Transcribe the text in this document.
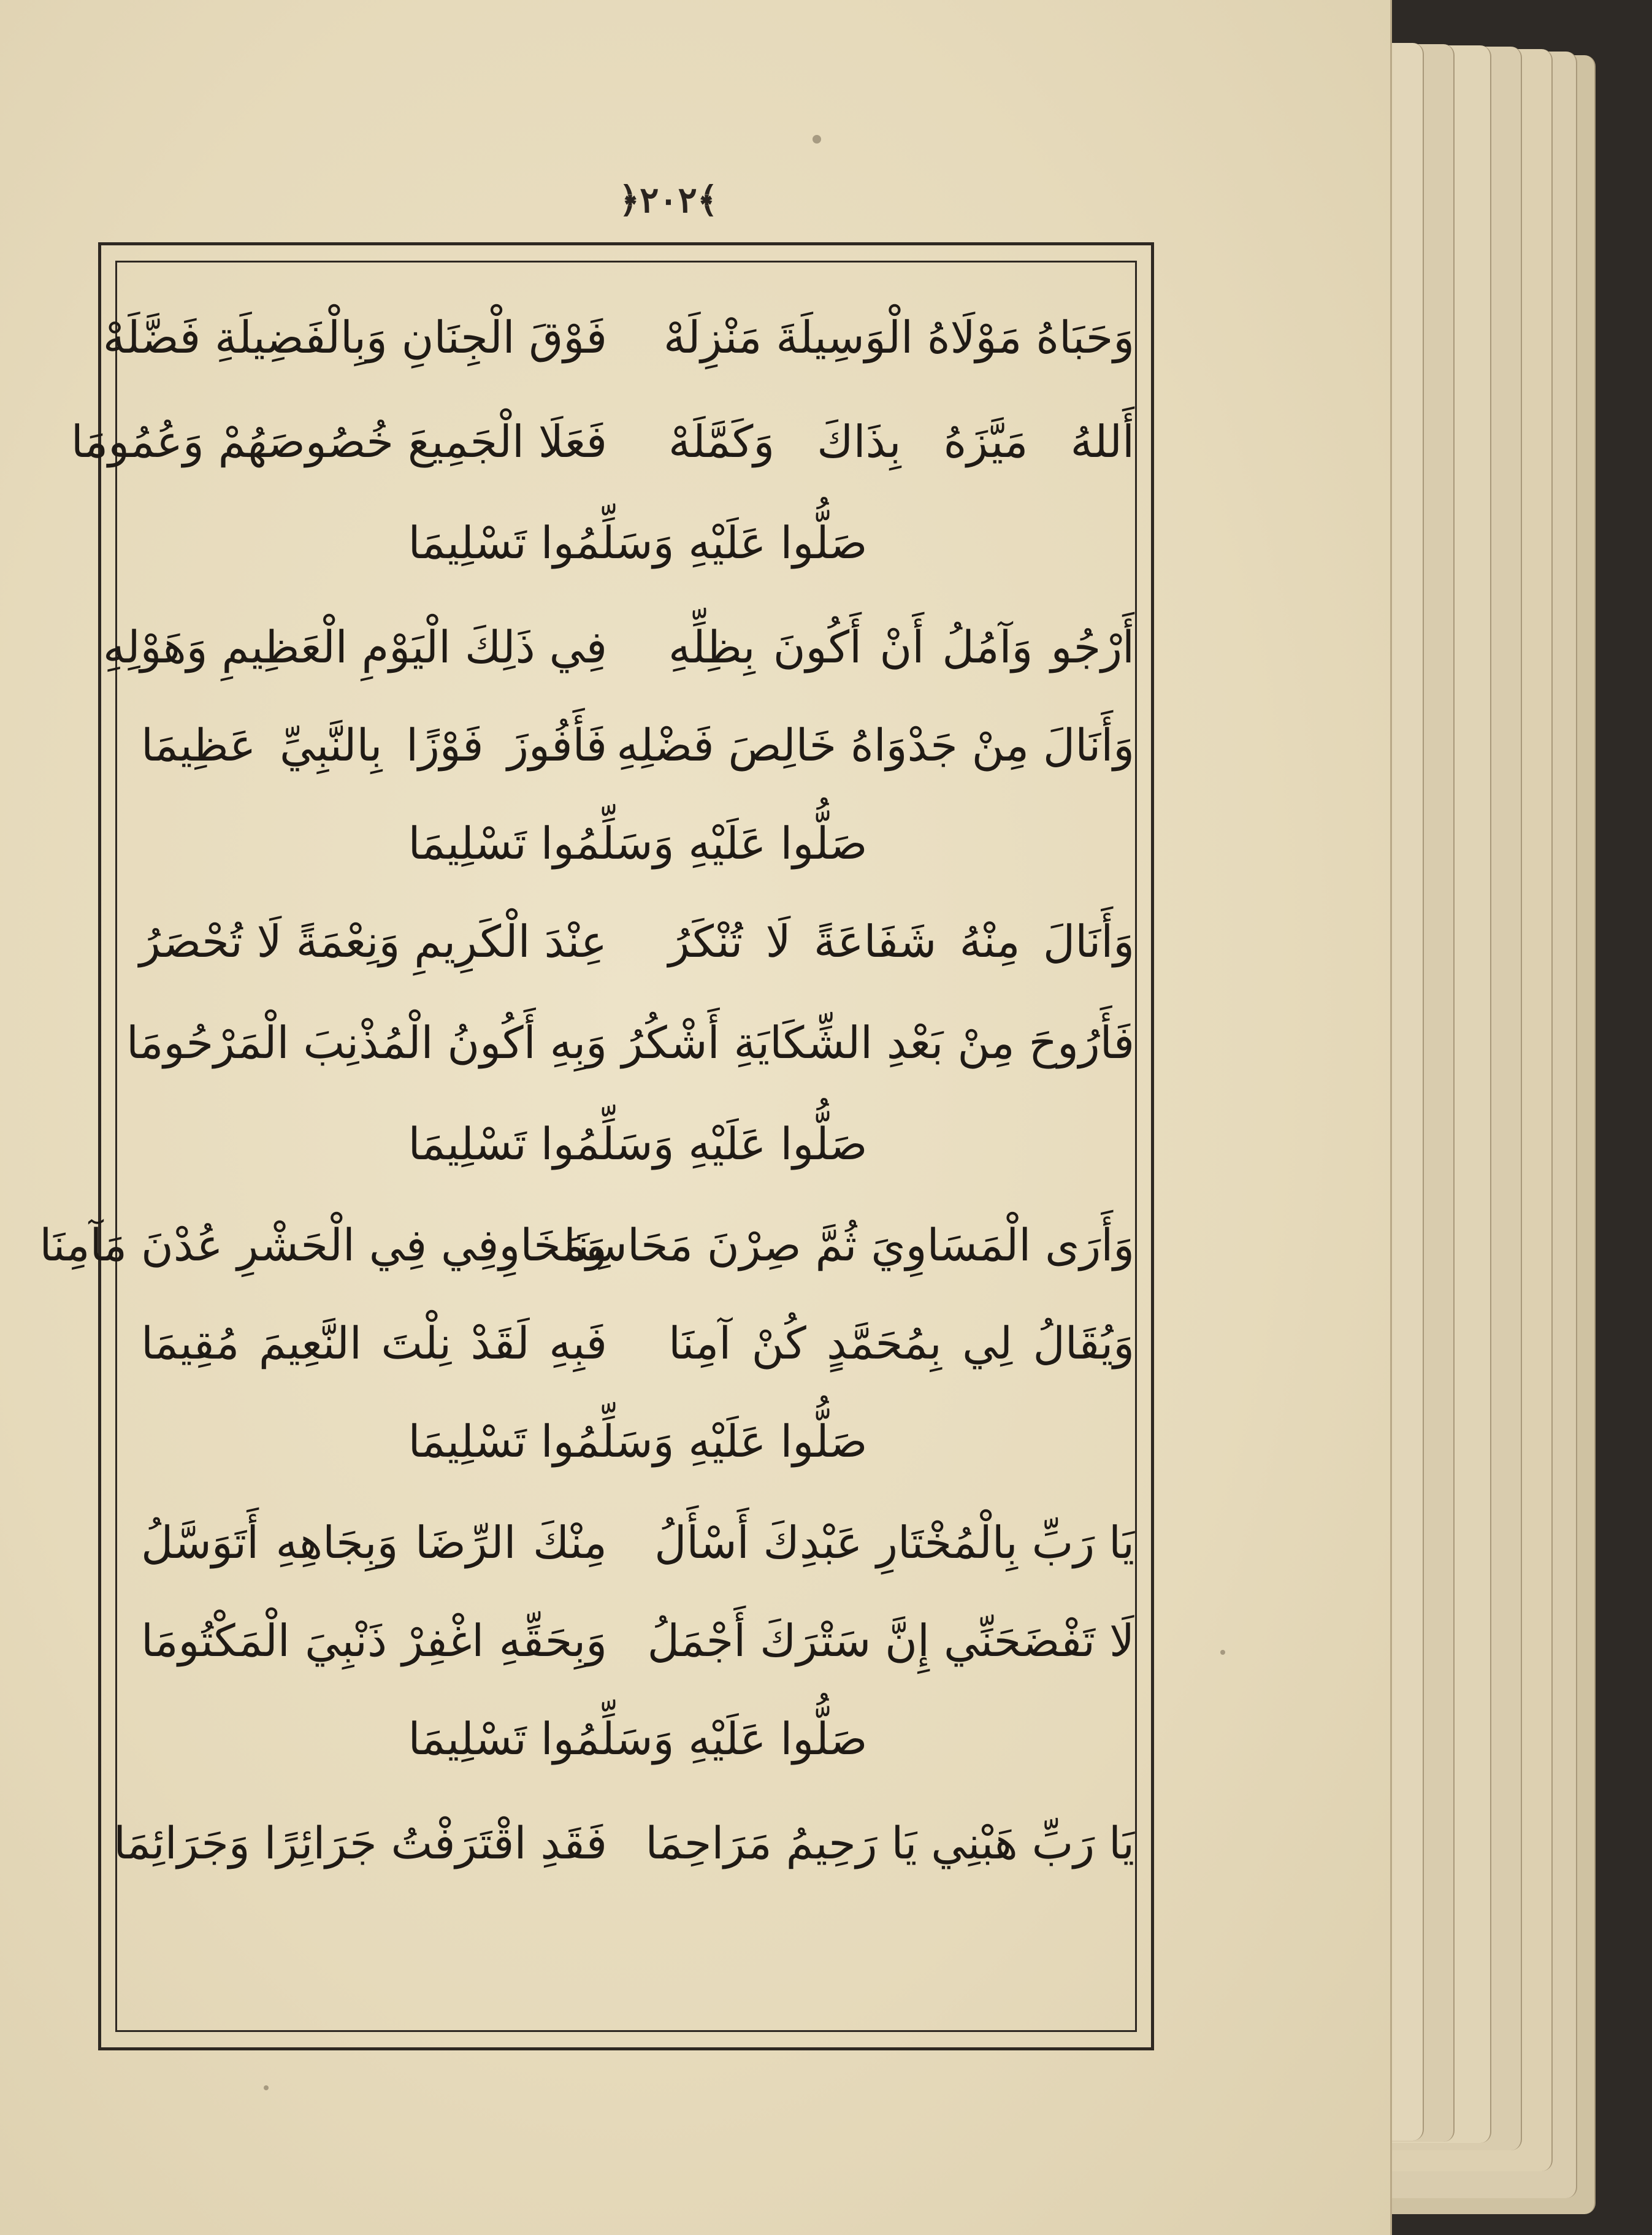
﴿٢٠٢﴾
وَحَبَاهُ مَوْلَاهُ الْوَسِيلَةَ مَنْزِلَهْ
فَوْقَ الْجِنَانِ وَبِالْفَضِيلَةِ فَضَّلَهْ
أَللهُ مَيَّزَهُ بِذَاكَ وَكَمَّلَهْ
فَعَلَا الْجَمِيعَ خُصُوصَهُمْ وَعُمُومَا
صَلُّوا عَلَيْهِ وَسَلِّمُوا تَسْلِيمَا
أَرْجُو وَآمُلُ أَنْ أَكُونَ بِظِلِّهِ
فِي ذَلِكَ الْيَوْمِ الْعَظِيمِ وَهَوْلِهِ
وَأَنَالَ مِنْ جَدْوَاهُ خَالِصَ فَضْلِهِ
فَأَفُوزَ فَوْزًا بِالنَّبِيِّ عَظِيمَا
صَلُّوا عَلَيْهِ وَسَلِّمُوا تَسْلِيمَا
وَأَنَالَ مِنْهُ شَفَاعَةً لَا تُنْكَرُ
عِنْدَ الْكَرِيمِ وَنِعْمَةً لَا تُحْصَرُ
فَأَرُوحَ مِنْ بَعْدِ الشِّكَايَةِ أَشْكُرُ
وَبِهِ أَكُونُ الْمُذْنِبَ الْمَرْحُومَا
صَلُّوا عَلَيْهِ وَسَلِّمُوا تَسْلِيمَا
وَأَرَى الْمَسَاوِيَ ثُمَّ صِرْنَ مَحَاسِنَا
وَمَخَاوِفِي فِي الْحَشْرِ عُدْنَ مَآمِنَا
وَيُقَالُ لِي بِمُحَمَّدٍ كُنْ آمِنَا
فَبِهِ لَقَدْ نِلْتَ النَّعِيمَ مُقِيمَا
صَلُّوا عَلَيْهِ وَسَلِّمُوا تَسْلِيمَا
يَا رَبِّ بِالْمُخْتَارِ عَبْدِكَ أَسْأَلُ
مِنْكَ الرِّضَا وَبِجَاهِهِ أَتَوَسَّلُ
لَا تَفْضَحَنِّي إِنَّ سَتْرَكَ أَجْمَلُ
وَبِحَقِّهِ اغْفِرْ ذَنْبِيَ الْمَكْتُومَا
صَلُّوا عَلَيْهِ وَسَلِّمُوا تَسْلِيمَا
يَا رَبِّ هَبْنِي يَا رَحِيمُ مَرَاحِمَا
فَقَدِ اقْتَرَفْتُ جَرَائِرًا وَجَرَائِمَا
